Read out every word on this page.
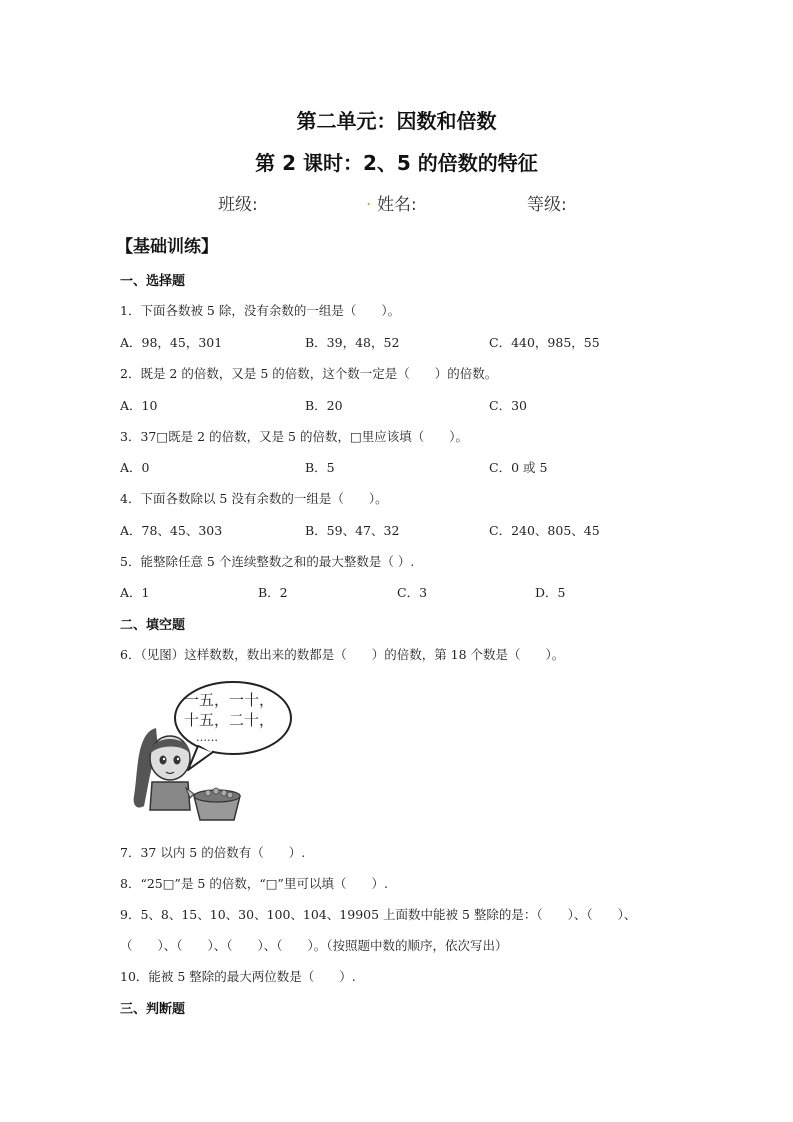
第二单元：因数和倍数
第 2 课时：2、5 的倍数的特征
班级:	. 姓名:	等级:
【基础训练】
一、选择题
1．下面各数被 5 除，没有余数的一组是（　　）。
A．98，45，301	B．39，48，52	C．440，985，55
2．既是 2 的倍数，又是 5 的倍数，这个数一定是（　　）的倍数。
A．10	B．20	C．30
3．37□既是 2 的倍数，又是 5 的倍数，□里应该填（　　）。
A．0	B．5	C．0 或 5
4．下面各数除以 5 没有余数的一组是（　　）。
A．78、45、303	B．59、47、32	C．240、805、45
5．能整除任意 5 个连续整数之和的最大整数是（ ）.
A．1	B．2	C．3	D．5
二、填空题
6．（见图）这样数数，数出来的数都是（　　）的倍数，第 18 个数是（　　）。
一五，一十，
十五，二十，
……
7．37 以内 5 的倍数有（　　）.
8．“25□”是 5 的倍数，“□”里可以填（　　）.
9．5、8、15、10、30、100、104、19905 上面数中能被 5 整除的是：（　　）、（　　）、
（　　）、（　　）、（　　）、（　　）。（按照题中数的顺序，依次写出）
10．能被 5 整除的最大两位数是（　　）.
三、判断题
